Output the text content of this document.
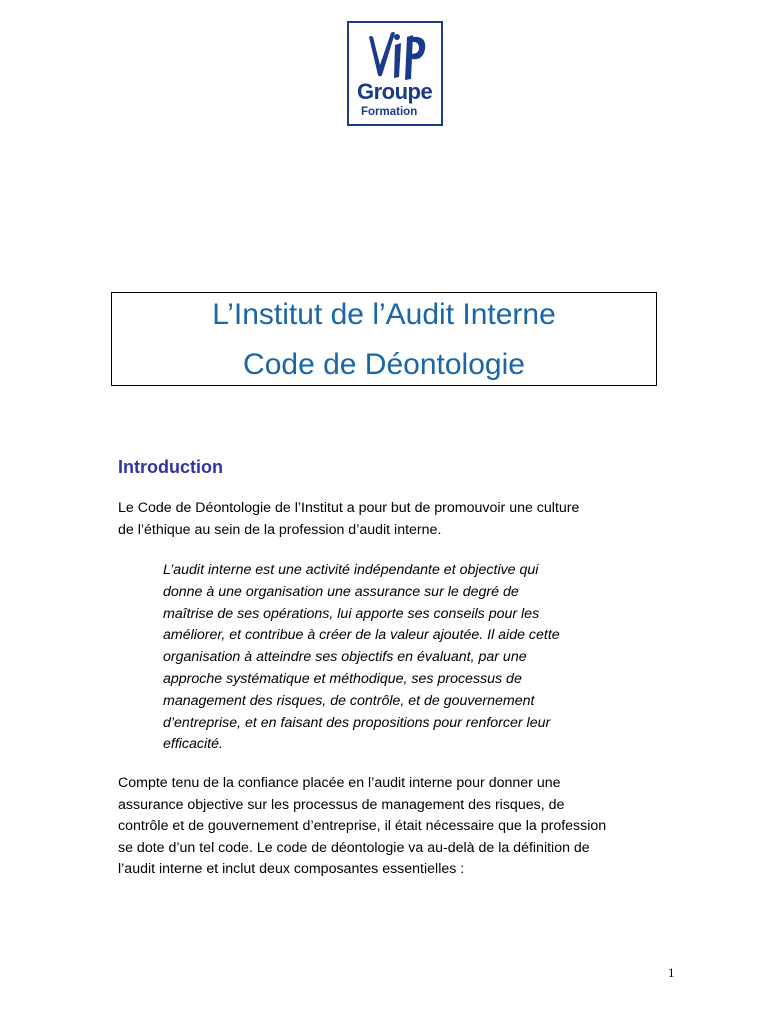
Groupe
Formation
L’Institut de l’Audit Interne
Code de Déontologie
Introduction
Le Code de Déontologie de l’Institut a pour but de promouvoir une culture
de l’éthique au sein de la profession d’audit interne.
L’audit interne est une activité indépendante et objective qui
donne à une organisation une assurance sur le degré de
maîtrise de ses opérations, lui apporte ses conseils pour les
améliorer, et contribue à créer de la valeur ajoutée. Il aide cette
organisation à atteindre ses objectifs en évaluant, par une
approche systématique et méthodique, ses processus de
management des risques, de contrôle, et de gouvernement
d’entreprise, et en faisant des propositions pour renforcer leur
efficacité.
Compte tenu de la confiance placée en l’audit interne pour donner une
assurance objective sur les processus de management des risques, de
contrôle et de gouvernement d’entreprise, il était nécessaire que la profession
se dote d’un tel code. Le code de déontologie va au-delà de la définition de
l’audit interne et inclut deux composantes essentielles :
1
